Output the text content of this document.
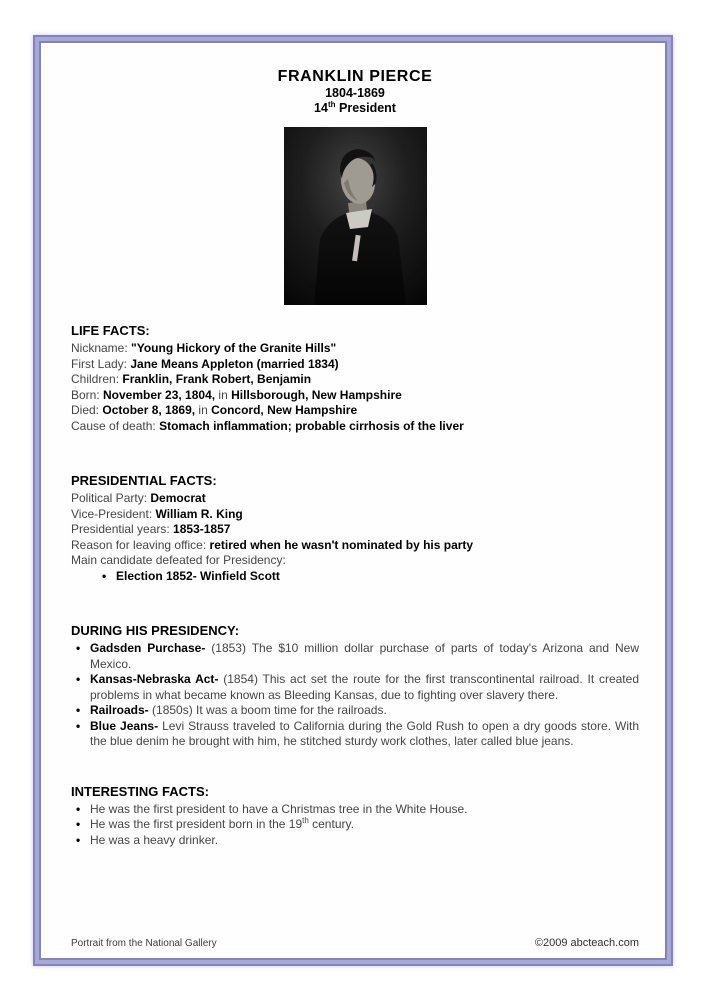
FRANKLIN PIERCE
1804-1869
14th President
LIFE FACTS:
Nickname: "Young Hickory of the Granite Hills"
First Lady: Jane Means Appleton (married 1834)
Children: Franklin, Frank Robert, Benjamin
Born: November 23, 1804, in Hillsborough, New Hampshire
Died: October 8, 1869, in Concord, New Hampshire
Cause of death: Stomach inflammation; probable cirrhosis of the liver
PRESIDENTIAL FACTS:
Political Party: Democrat
Vice-President: William R. King
Presidential years: 1853-1857
Reason for leaving office: retired when he wasn't nominated by his party
Main candidate defeated for Presidency:
• Election 1852- Winfield Scott
DURING HIS PRESIDENCY:
• Gadsden Purchase- (1853) The $10 million dollar purchase of parts of today's Arizona and New Mexico.
• Kansas-Nebraska Act- (1854) This act set the route for the first transcontinental railroad. It created problems in what became known as Bleeding Kansas, due to fighting over slavery there.
• Railroads- (1850s) It was a boom time for the railroads.
• Blue Jeans- Levi Strauss traveled to California during the Gold Rush to open a dry goods store. With the blue denim he brought with him, he stitched sturdy work clothes, later called blue jeans.
INTERESTING FACTS:
• He was the first president to have a Christmas tree in the White House.
• He was the first president born in the 19th century.
• He was a heavy drinker.
Portrait from the National Gallery	©2009 abcteach.com
